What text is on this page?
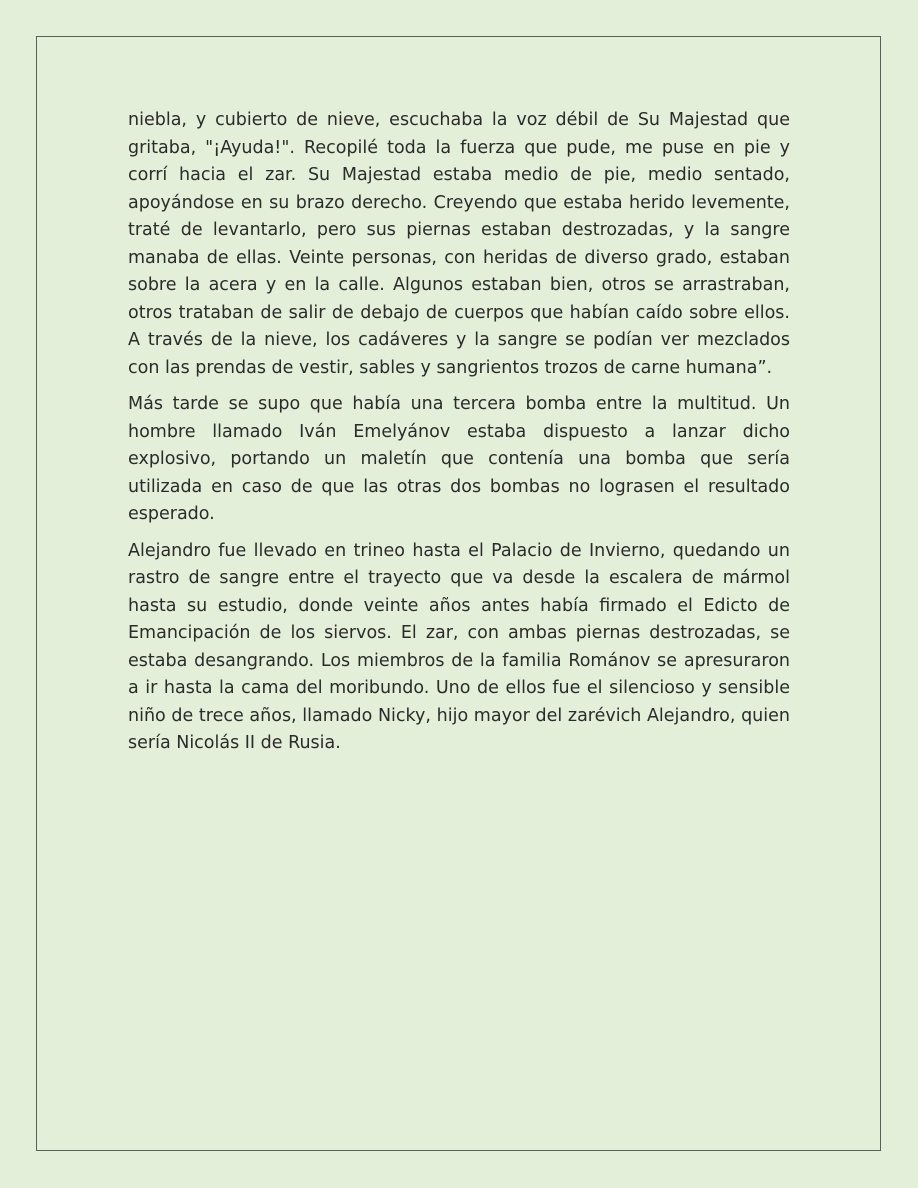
niebla, y cubierto de nieve, escuchaba la voz débil de Su Majestad que gritaba, "¡Ayuda!". Recopilé toda la fuerza que pude, me puse en pie y corrí hacia el zar. Su Majestad estaba medio de pie, medio sentado, apoyándose en su brazo derecho. Creyendo que estaba herido levemente, traté de levantarlo, pero sus piernas estaban destrozadas, y la sangre manaba de ellas. Veinte personas, con heridas de diverso grado, estaban sobre la acera y en la calle. Algunos estaban bien, otros se arrastraban, otros trataban de salir de debajo de cuerpos que habían caído sobre ellos. A través de la nieve, los cadáveres y la sangre se podían ver mezclados con las prendas de vestir, sables y sangrientos trozos de carne humana”.

Más tarde se supo que había una tercera bomba entre la multitud. Un hombre llamado Iván Emelyánov estaba dispuesto a lanzar dicho explosivo, portando un maletín que contenía una bomba que sería utilizada en caso de que las otras dos bombas no lograsen el resultado esperado.

Alejandro fue llevado en trineo hasta el Palacio de Invierno, quedando un rastro de sangre entre el trayecto que va desde la escalera de mármol hasta su estudio, donde veinte años antes había firmado el Edicto de Emancipación de los siervos. El zar, con ambas piernas destrozadas, se estaba desangrando. Los miembros de la familia Románov se apresuraron a ir hasta la cama del moribundo. Uno de ellos fue el silencioso y sensible niño de trece años, llamado Nicky, hijo mayor del zarévich Alejandro, quien sería Nicolás II de Rusia.
